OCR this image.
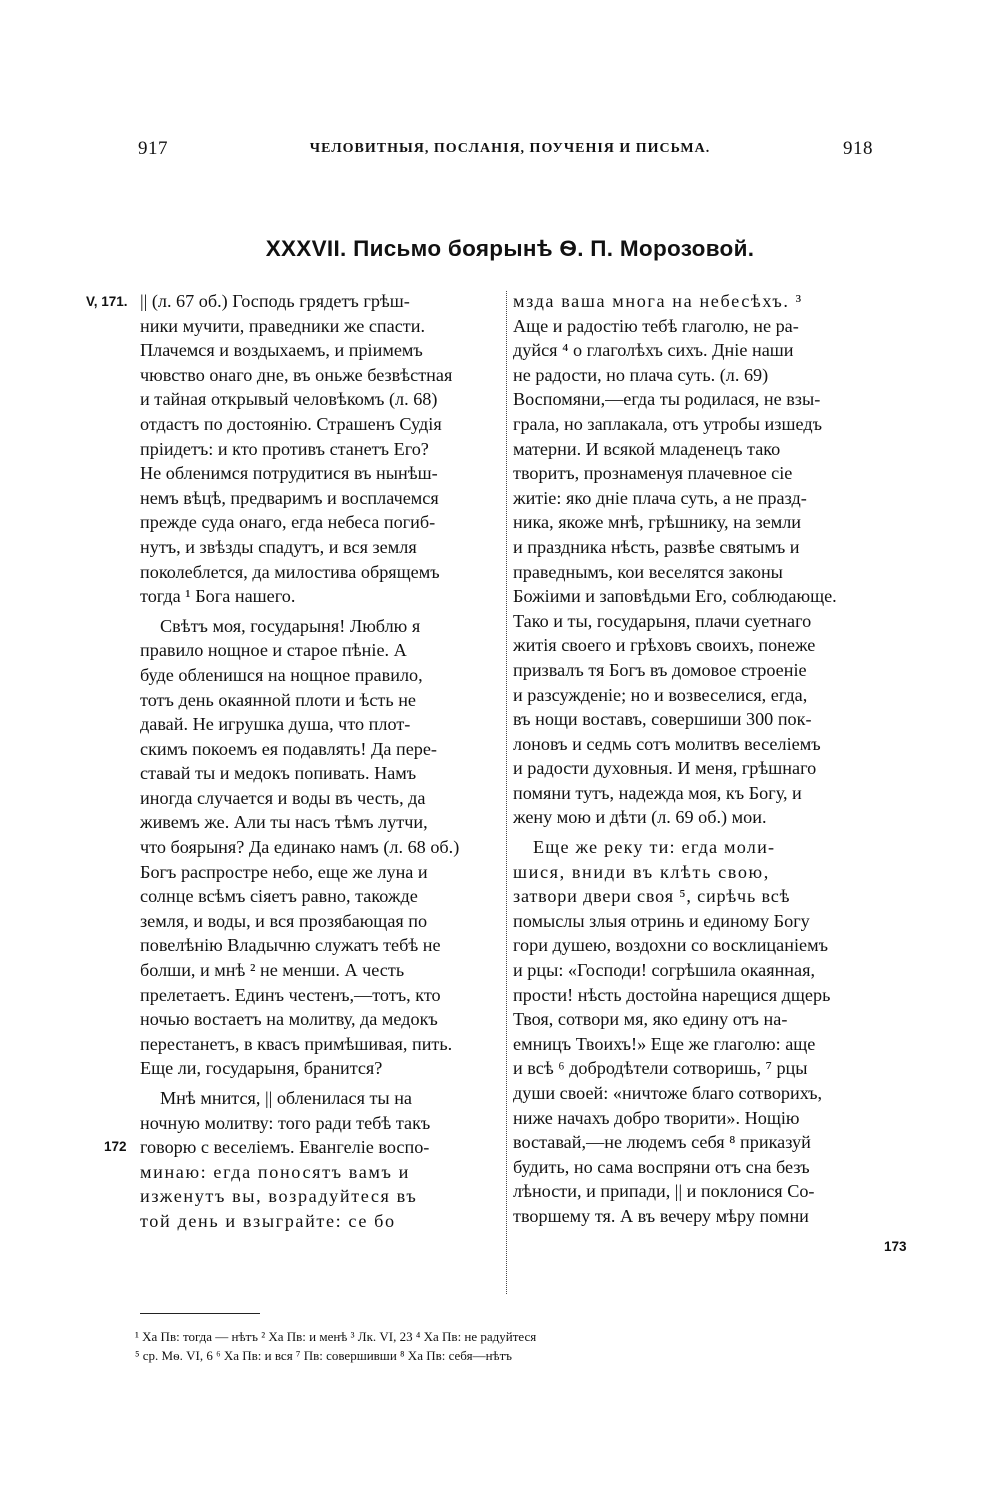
917	ЧЕЛОВИТНЫЯ, ПОСЛАНІЯ, ПОУЧЕНІЯ И ПИСЬМА.	918
XXXVII. Письмо боярынѣ Ѳ. П. Морозовой.
V, 171.
172
173
|| (л. 67 об.) Господь грядетъ грѣш-
ники мучити, праведники же спасти.
Плачемся и воздыхаемъ, и пріимемъ
чювство онаго дне, въ оньже безвѣстная
и тайная открывый человѣкомъ (л. 68)
отдастъ по достоянію. Страшенъ Судія
пріидетъ: и кто противъ станетъ Его?
Не обленимся потрудитися въ нынѣш-
немъ вѣцѣ, предваримъ и восплачемся
прежде суда онаго, егда небеса погиб-
нутъ, и звѣзды спадутъ, и вся земля
поколеблется, да милостива обрящемъ
тогда ¹ Бога нашего.
Свѣтъ моя, государыня! Люблю я
правило нощное и старое пѣніе. А
буде обленишся на нощное правило,
тотъ день окаянной плоти и ѣсть не
давай. Не игрушка душа, что плот-
скимъ покоемъ ея подавлять! Да пере-
ставай ты и медокъ попивать. Намъ
иногда случается и воды въ честь, да
живемъ же. Али ты насъ тѣмъ лутчи,
что боярыня? Да единако намъ (л. 68 об.)
Богъ распростре небо, еще же луна и
солнце всѣмъ сіяетъ равно, такожде
земля, и воды, и вся прозябающая по
повелѣнію Владычню служатъ тебѣ не
болши, и мнѣ ² не менши. А честь
прелетаетъ. Единъ честенъ,—тотъ, кто
ночью востаетъ на молитву, да медокъ
перестанетъ, в квасъ примѣшивая, пить.
Еще ли, государыня, бранится?
Мнѣ мнится, || обленилася ты на
ночную молитву: того ради тебѣ такъ
говорю с веселіемъ. Евангеліе воспо-
минаю: егда поносятъ вамъ и
изженутъ вы, возрадуйтеся въ
той день и взыграйте: се бо
мзда ваша многа на небесѣхъ. ³
Аще и радостію тебѣ глаголю, не ра-
дуйся ⁴ о глаголѣхъ сихъ. Дніе наши
не радости, но плача суть. (л. 69)
Воспомяни,—егда ты родилася, не взы-
грала, но заплакала, отъ утробы изшедъ
матерни. И всякой младенецъ тако
творитъ, прознаменуя плачевное сіе
житіе: яко дніе плача суть, а не празд-
ника, якоже мнѣ, грѣшнику, на земли
и праздника нѣсть, развѣе святымъ и
праведнымъ, кои веселятся законы
Божіими и заповѣдьми Его, соблюдающе.
Тако и ты, государыня, плачи суетнаго
житія своего и грѣховъ своихъ, понеже
призвалъ тя Богъ въ домовое строеніе
и разсужденіе; но и возвеселися, егда,
въ нощи воставъ, совершиши 300 пок-
лоновъ и седмь сотъ молитвъ веселіемъ
и радости духовныя. И меня, грѣшнаго
помяни тутъ, надежда моя, къ Богу, и
жену мою и дѣти (л. 69 об.) мои.
Еще же реку ти: егда моли-
шися, вниди въ клѣть свою,
затвори двери своя ⁵, сирѣчь всѣ
помыслы злыя отринь и единому Богу
гори душею, воздохни со восклицаніемъ
и рцы: «Господи! согрѣшила окаянная,
прости! нѣсть достойна нарещися дщерь
Твоя, сотвори мя, яко едину отъ на-
емницъ Твоихъ!» Еще же глаголю: аще
и всѣ ⁶ добродѣтели сотворишь, ⁷ рцы
души своей: «ничтоже благо сотворихъ,
ниже начахъ добро творити». Нощію
воставай,—не людемъ себя ⁸ приказуй
будить, но сама воспряни отъ сна безъ
лѣности, и припади, || и поклонися Со-
творшему тя. А въ вечеру мѣру помни
¹ Ха Пв: тогда — нѣтъ ² Ха Пв: и менѣ ³ Лк. VI, 23 ⁴ Ха Пв: не радуйтеся
⁵ ср. Мѳ. VI, 6 ⁶ Ха Пв: и вся ⁷ Пв: совершивши ⁸ Ха Пв: себя—нѣтъ
